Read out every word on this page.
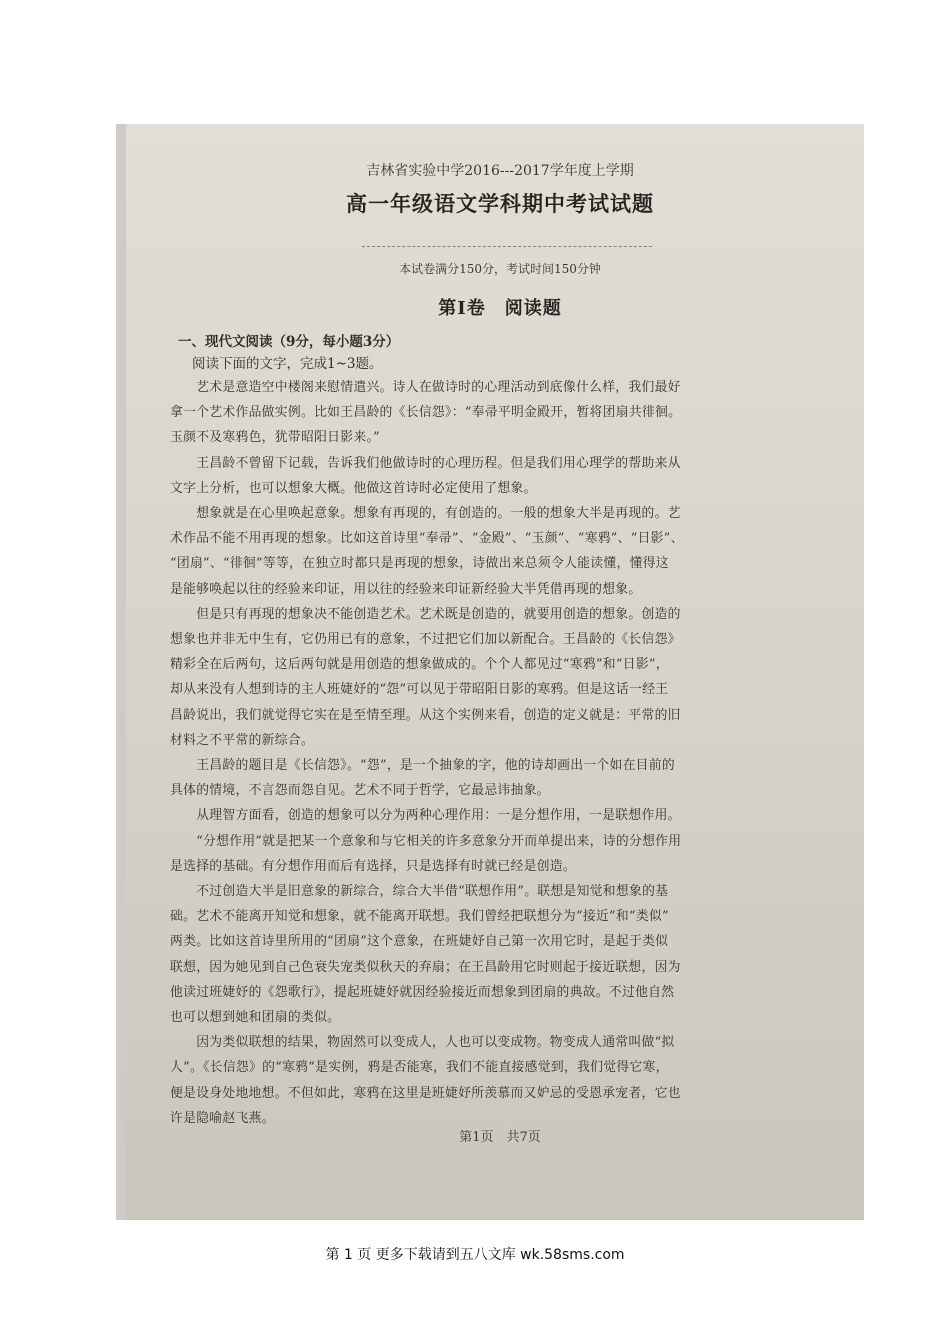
吉林省实验中学2016---2017学年度上学期
高一年级语文学科期中考试试题
本试卷满分150分，考试时间150分钟
第Ⅰ卷　阅读题
一、现代文阅读（9分，每小题3分）
阅读下面的文字，完成1~3题。
　　艺术是意造空中楼阁来慰情遣兴。诗人在做诗时的心理活动到底像什么样，我们最好
拿一个艺术作品做实例。比如王昌龄的《长信怨》：“奉帚平明金殿开，暂将团扇共徘徊。
玉颜不及寒鸦色，犹带昭阳日影来。”
　　王昌龄不曾留下记载，告诉我们他做诗时的心理历程。但是我们用心理学的帮助来从
文字上分析，也可以想象大概。他做这首诗时必定使用了想象。
　　想象就是在心里唤起意象。想象有再现的，有创造的。一般的想象大半是再现的。艺
术作品不能不用再现的想象。比如这首诗里“奉帚”、“金殿”、“玉颜”、“寒鸦”、“日影”、
“团扇”、“徘徊”等等，在独立时都只是再现的想象，诗做出来总须令人能读懂，懂得这
是能够唤起以往的经验来印证，用以往的经验来印证新经验大半凭借再现的想象。
　　但是只有再现的想象决不能创造艺术。艺术既是创造的，就要用创造的想象。创造的
想象也并非无中生有，它仍用已有的意象，不过把它们加以新配合。王昌龄的《长信怨》
精彩全在后两句，这后两句就是用创造的想象做成的。个个人都见过“寒鸦”和“日影”，
却从来没有人想到诗的主人班婕妤的“怨”可以见于带昭阳日影的寒鸦。但是这话一经王
昌龄说出，我们就觉得它实在是至情至理。从这个实例来看，创造的定义就是：平常的旧
材料之不平常的新综合。
　　王昌龄的题目是《长信怨》。“怨”，是一个抽象的字，他的诗却画出一个如在目前的
具体的情境，不言怨而怨自见。艺术不同于哲学，它最忌讳抽象。
　　从理智方面看，创造的想象可以分为两种心理作用：一是分想作用，一是联想作用。
　　“分想作用”就是把某一个意象和与它相关的许多意象分开而单提出来，诗的分想作用
是选择的基础。有分想作用而后有选择，只是选择有时就已经是创造。
　　不过创造大半是旧意象的新综合，综合大半借“联想作用”。联想是知觉和想象的基
础。艺术不能离开知觉和想象，就不能离开联想。我们曾经把联想分为“接近”和“类似”
两类。比如这首诗里所用的“团扇”这个意象，在班婕妤自己第一次用它时，是起于类似
联想，因为她见到自己色衰失宠类似秋天的弃扇；在王昌龄用它时则起于接近联想，因为
他读过班婕妤的《怨歌行》，提起班婕妤就因经验接近而想象到团扇的典故。不过他自然
也可以想到她和团扇的类似。
　　因为类似联想的结果，物固然可以变成人，人也可以变成物。物变成人通常叫做“拟
人”。《长信怨》的“寒鸦”是实例，鸦是否能寒，我们不能直接感觉到，我们觉得它寒，
便是设身处地地想。不但如此，寒鸦在这里是班婕妤所羡慕而又妒忌的受恩承宠者，它也
许是隐喻赵飞燕。
第1页　共7页
第 1 页 更多下载请到五八文库 wk.58sms.com
